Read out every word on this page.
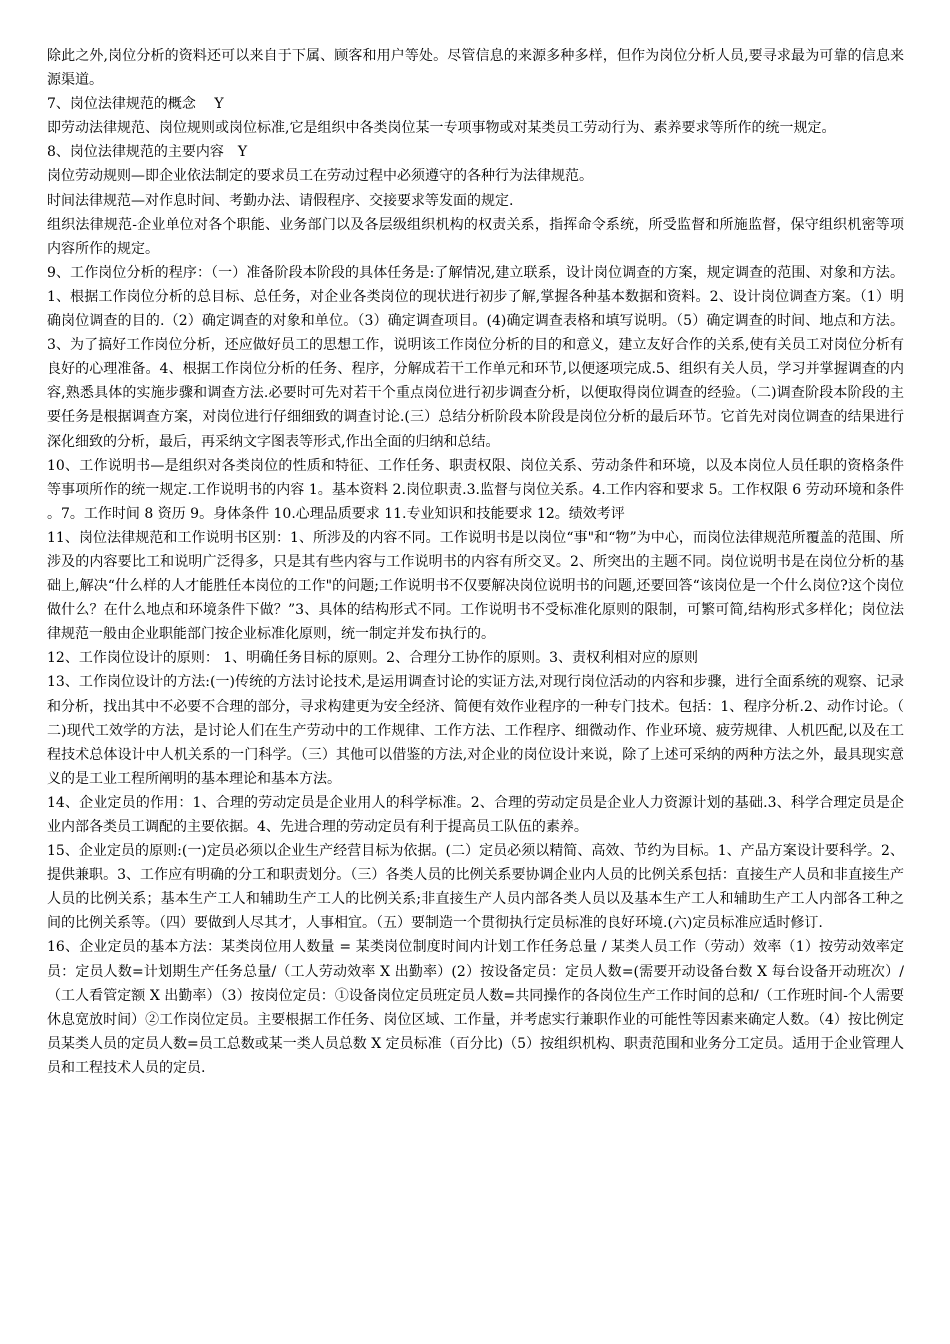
除此之外,岗位分析的资料还可以来自于下属、顾客和用户等处。尽管信息的来源多种多样，但作为岗位分析人员,要寻求最为可靠的信息来源渠道。

7、岗位法律规范的概念　 Y

即劳动法律规范、岗位规则或岗位标准,它是组织中各类岗位某一专项事物或对某类员工劳动行为、素养要求等所作的统一规定。

8、岗位法律规范的主要内容　Y

岗位劳动规则—即企业依法制定的要求员工在劳动过程中必须遵守的各种行为法律规范。

时间法律规范—对作息时间、考勤办法、请假程序、交接要求等发面的规定.

组织法律规范-企业单位对各个职能、业务部门以及各层级组织机构的权责关系，指挥命令系统，所受监督和所施监督，保守组织机密等项内容所作的规定。

9、工作岗位分析的程序：（一）准备阶段本阶段的具体任务是:了解情况,建立联系，设计岗位调查的方案，规定调查的范围、对象和方法。1、根据工作岗位分析的总目标、总任务，对企业各类岗位的现状进行初步了解,掌握各种基本数据和资料。2、设计岗位调查方案。（1）明确岗位调查的目的.（2）确定调查的对象和单位。（3）确定调查项目。(4)确定调查表格和填写说明。（5）确定调查的时间、地点和方法。3、为了搞好工作岗位分析，还应做好员工的思想工作，说明该工作岗位分析的目的和意义，建立友好合作的关系,使有关员工对岗位分析有良好的心理准备。4、根据工作岗位分析的任务、程序，分解成若干工作单元和环节,以便逐项完成.5、组织有关人员，学习并掌握调查的内容,熟悉具体的实施步骤和调查方法.必要时可先对若干个重点岗位进行初步调查分析，以便取得岗位调查的经验。（二)调查阶段本阶段的主要任务是根据调查方案，对岗位进行仔细细致的调查讨论.(三）总结分析阶段本阶段是岗位分析的最后环节。它首先对岗位调查的结果进行深化细致的分析，最后，再采纳文字图表等形式,作出全面的归纳和总结。

10、工作说明书—是组织对各类岗位的性质和特征、工作任务、职责权限、岗位关系、劳动条件和环境，以及本岗位人员任职的资格条件等事项所作的统一规定.工作说明书的内容 1。基本资料 2.岗位职责.3.监督与岗位关系。4.工作内容和要求 5。工作权限 6 劳动环境和条件。7。工作时间 8 资历 9。身体条件 10.心理品质要求 11.专业知识和技能要求 12。绩效考评

11、岗位法律规范和工作说明书区别：1、所涉及的内容不同。工作说明书是以岗位“事"和“物”为中心，而岗位法律规范所覆盖的范围、所涉及的内容要比工和说明广泛得多，只是其有些内容与工作说明书的内容有所交叉。2、所突出的主题不同。岗位说明书是在岗位分析的基础上,解决“什么样的人才能胜任本岗位的工作"的问题;工作说明书不仅要解决岗位说明书的问题,还要回答“该岗位是一个什么岗位?这个岗位做什么？在什么地点和环境条件下做？”3、具体的结构形式不同。工作说明书不受标准化原则的限制，可繁可简,结构形式多样化；岗位法律规范一般由企业职能部门按企业标准化原则，统一制定并发布执行的。

12、工作岗位设计的原则： 1、明确任务目标的原则。2、合理分工协作的原则。3、责权利相对应的原则

13、工作岗位设计的方法:(一)传统的方法讨论技术,是运用调查讨论的实证方法,对现行岗位活动的内容和步骤，进行全面系统的观察、记录和分析，找出其中不必要不合理的部分，寻求构建更为安全经济、简便有效作业程序的一种专门技术。包括：1、程序分析.2、动作讨论。（二)现代工效学的方法，是讨论人们在生产劳动中的工作规律、工作方法、工作程序、细微动作、作业环境、疲劳规律、人机匹配,以及在工程技术总体设计中人机关系的一门科学。（三）其他可以借鉴的方法,对企业的岗位设计来说，除了上述可采纳的两种方法之外，最具现实意义的是工业工程所阐明的基本理论和基本方法。

14、企业定员的作用：1、合理的劳动定员是企业用人的科学标准。2、合理的劳动定员是企业人力资源计划的基础.3、科学合理定员是企业内部各类员工调配的主要依据。4、先进合理的劳动定员有利于提高员工队伍的素养。

15、企业定员的原则:(一)定员必须以企业生产经营目标为依据。(二）定员必须以精简、高效、节约为目标。1、产品方案设计要科学。2、提供兼职。3、工作应有明确的分工和职责划分。（三）各类人员的比例关系要协调企业内人员的比例关系包括：直接生产人员和非直接生产人员的比例关系；基本生产工人和辅助生产工人的比例关系;非直接生产人员内部各类人员以及基本生产工人和辅助生产工人内部各工种之间的比例关系等。（四）要做到人尽其才，人事相宜。（五）要制造一个贯彻执行定员标准的良好环境.(六)定员标准应适时修订.

16、企业定员的基本方法：某类岗位用人数量 = 某类岗位制度时间内计划工作任务总量 / 某类人员工作（劳动）效率（1）按劳动效率定员：定员人数=计划期生产任务总量/（工人劳动效率 X 出勤率）(2）按设备定员：定员人数=(需要开动设备台数 X 每台设备开动班次）/（工人看管定额 X 出勤率）（3）按岗位定员：①设备岗位定员班定员人数=共同操作的各岗位生产工作时间的总和/（工作班时间-个人需要休息宽放时间）②工作岗位定员。主要根据工作任务、岗位区域、工作量，并考虑实行兼职作业的可能性等因素来确定人数。（4）按比例定员某类人员的定员人数=员工总数或某一类人员总数 X 定员标准（百分比)（5）按组织机构、职责范围和业务分工定员。适用于企业管理人员和工程技术人员的定员.
